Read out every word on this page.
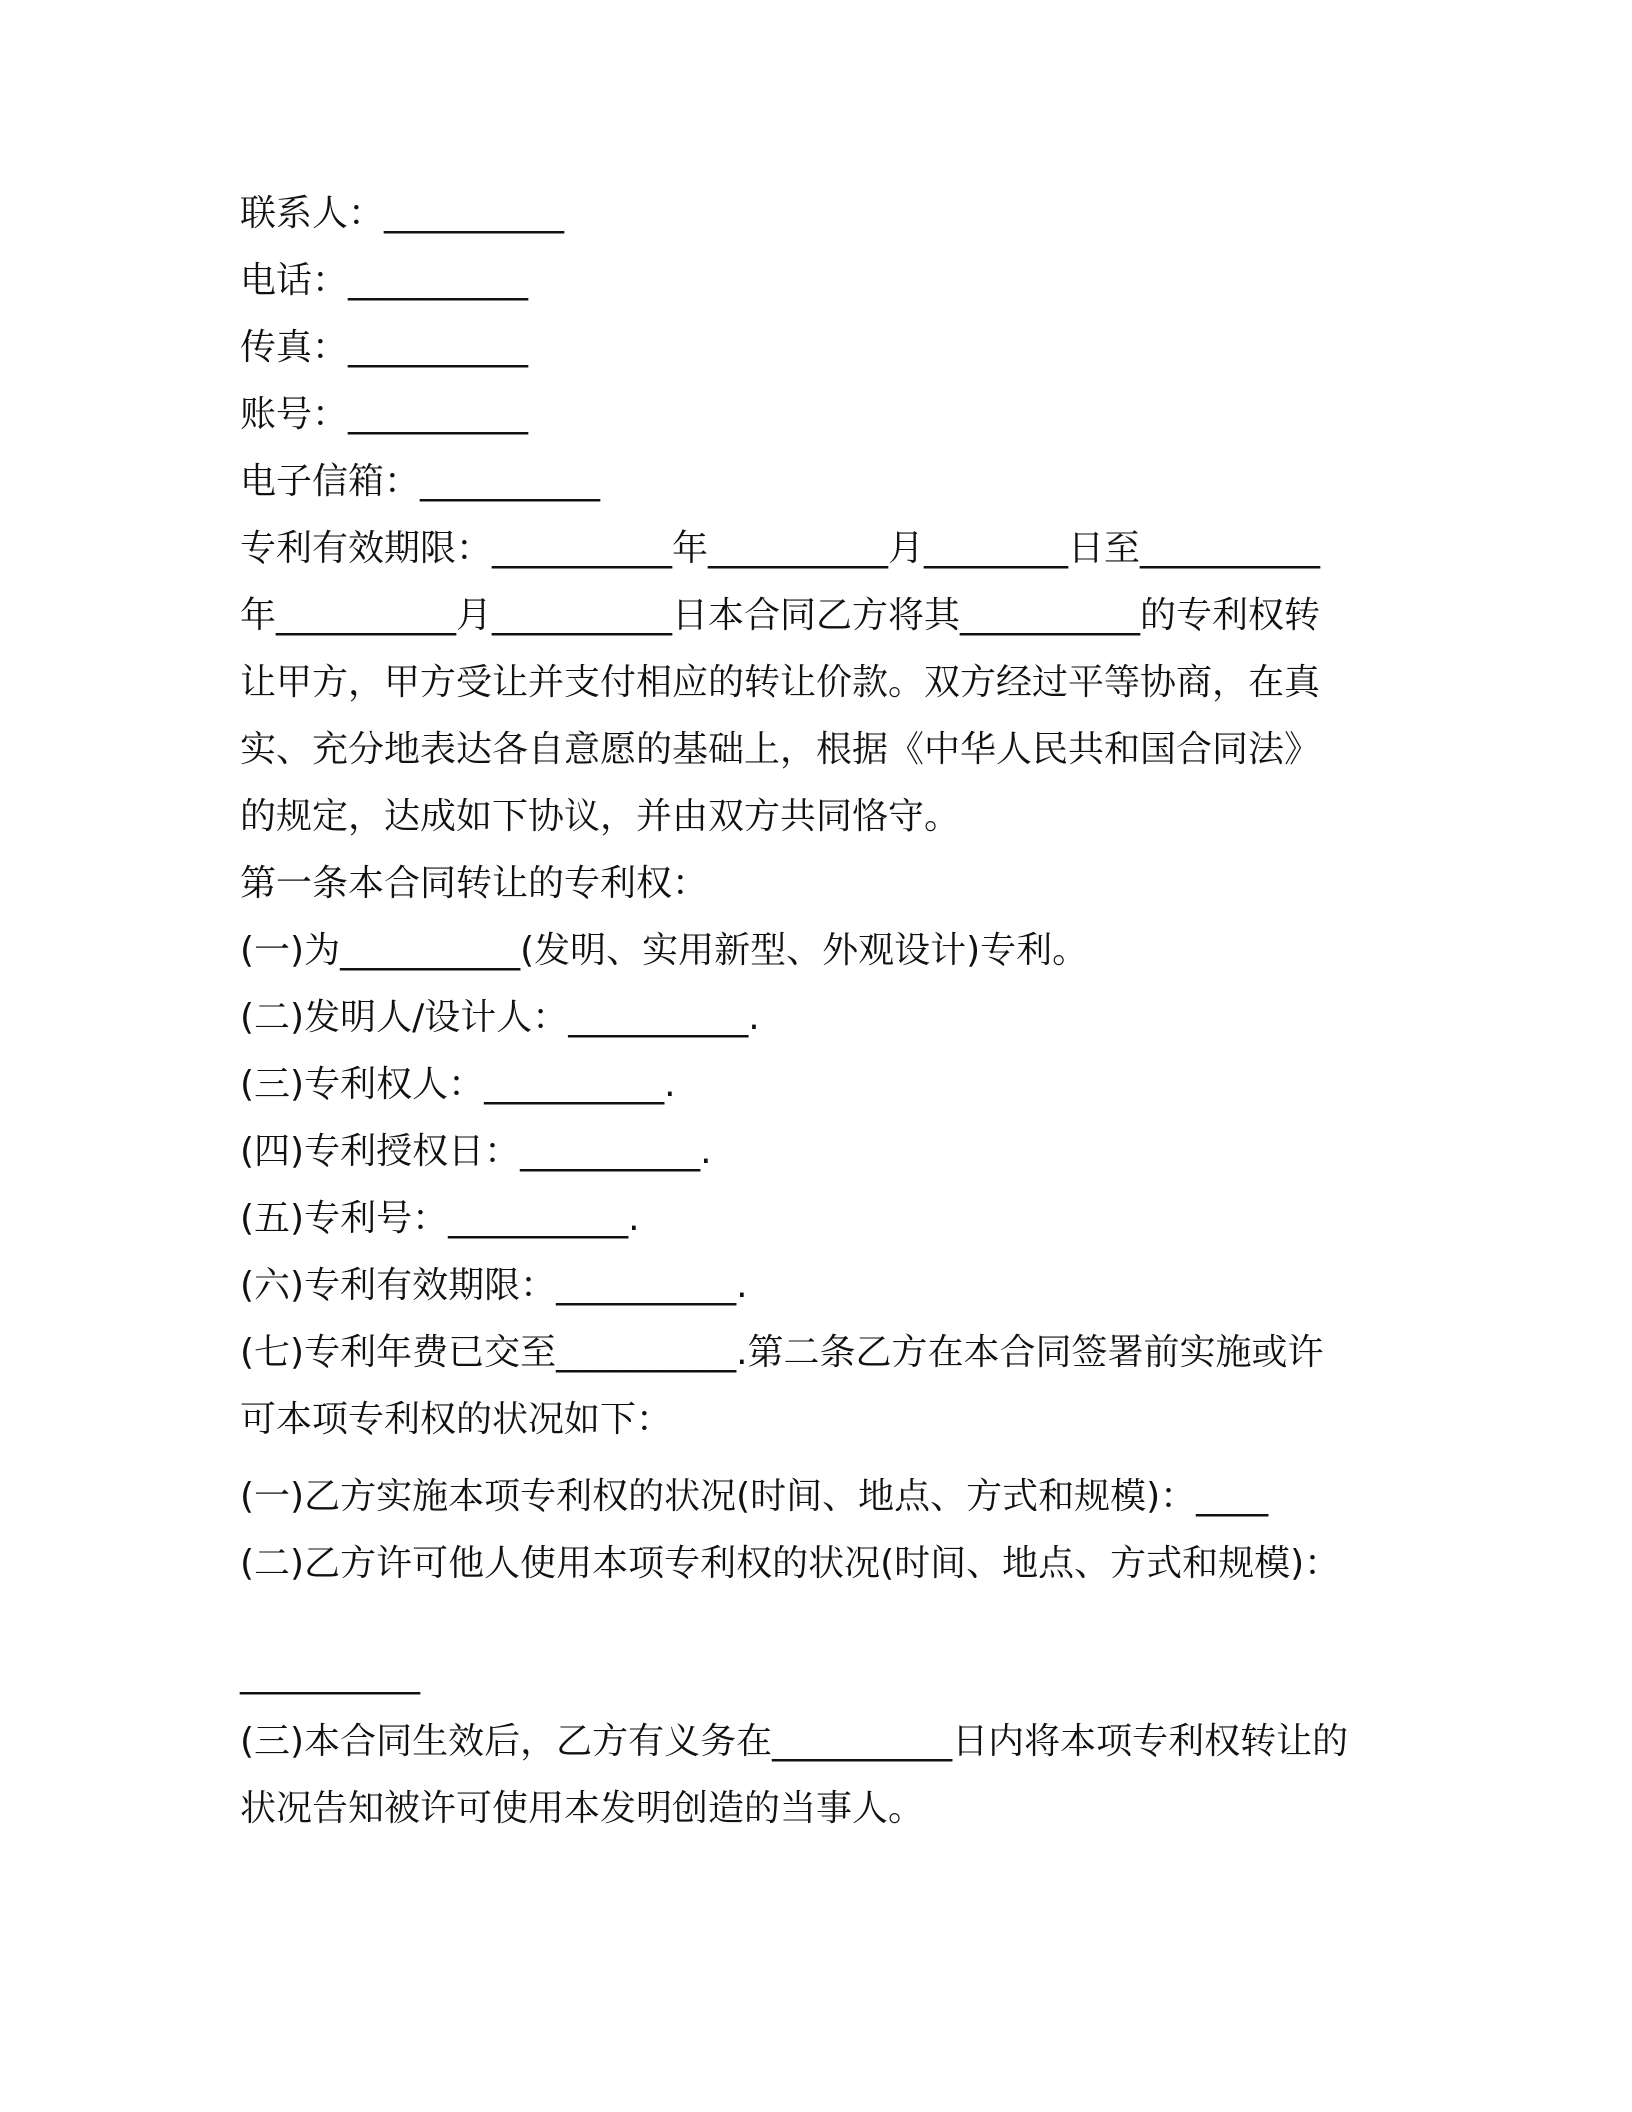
联系人：__________
电话：__________
传真：__________
账号：__________
电子信箱：__________
专利有效期限：__________年__________月________日至__________
年__________月__________日本合同乙方将其__________的专利权转
让甲方，甲方受让并支付相应的转让价款。双方经过平等协商，在真
实、充分地表达各自意愿的基础上，根据《中华人民共和国合同法》
的规定，达成如下协议，并由双方共同恪守。
第一条本合同转让的专利权：
(一)为__________(发明、实用新型、外观设计)专利。
(二)发明人/设计人：__________.
(三)专利权人：__________.
(四)专利授权日：__________.
(五)专利号：__________.
(六)专利有效期限：__________.
(七)专利年费已交至__________.第二条乙方在本合同签署前实施或许
可本项专利权的状况如下：
(一)乙方实施本项专利权的状况(时间、地点、方式和规模)：____
(二)乙方许可他人使用本项专利权的状况(时间、地点、方式和规模)：
__________
(三)本合同生效后，乙方有义务在__________日内将本项专利权转让的
状况告知被许可使用本发明创造的当事人。
